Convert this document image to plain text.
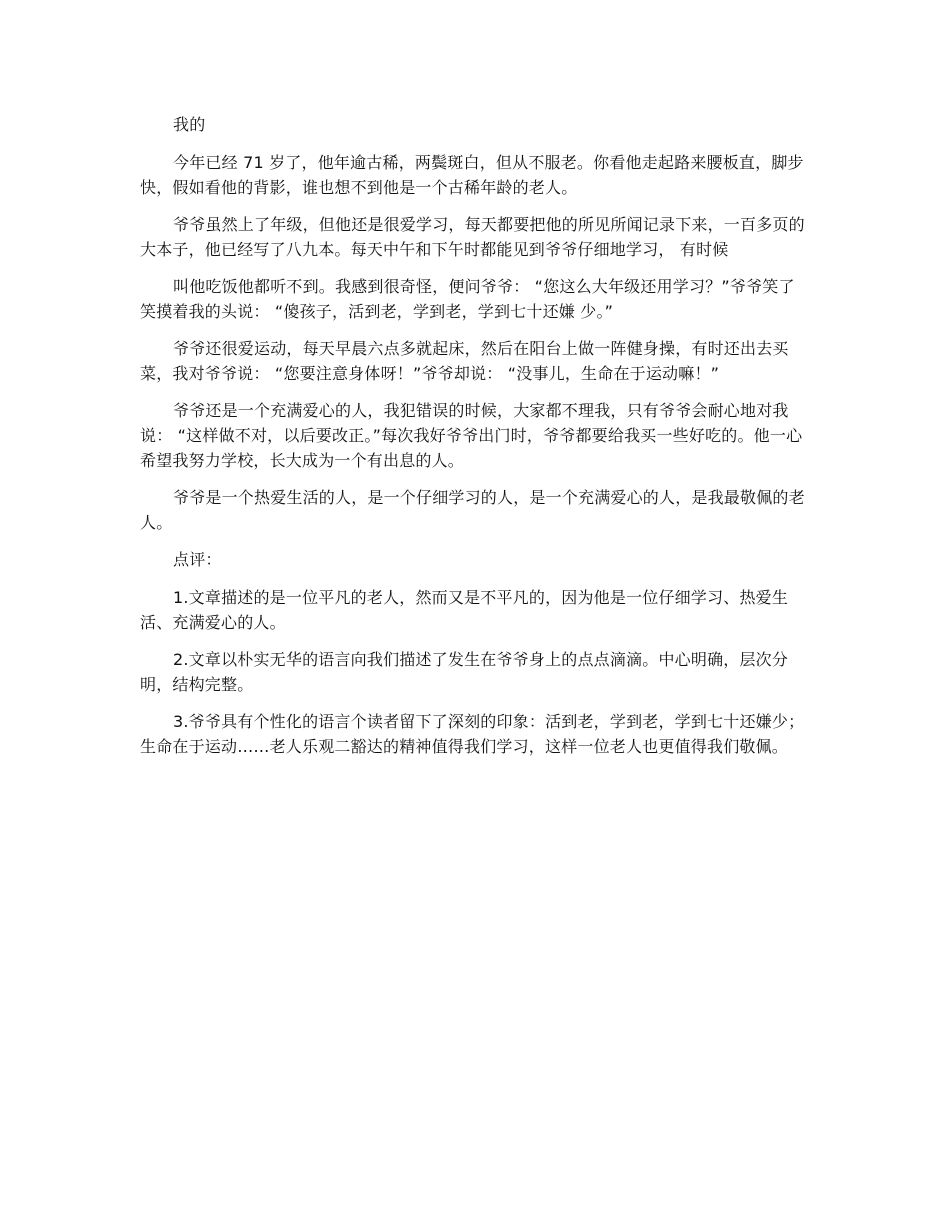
我的

今年已经 71 岁了，他年逾古稀，两鬓斑白，但从不服老。你看他走起路来腰板直，脚步快，假如看他的背影，谁也想不到他是一个古稀年龄的老人。

爷爷虽然上了年级，但他还是很爱学习，每天都要把他的所见所闻记录下来，一百多页的大本子，他已经写了八九本。每天中午和下午时都能见到爷爷仔细地学习， 有时候

叫他吃饭他都听不到。我感到很奇怪，便问爷爷： “您这么大年级还用学习？”爷爷笑了笑摸着我的头说： “傻孩子，活到老，学到老，学到七十还嫌 少。”

爷爷还很爱运动，每天早晨六点多就起床，然后在阳台上做一阵健身操，有时还出去买菜，我对爷爷说： “您要注意身体呀！”爷爷却说： “没事儿，生命在于运动嘛！”

爷爷还是一个充满爱心的人，我犯错误的时候，大家都不理我，只有爷爷会耐心地对我说： “这样做不对，以后要改正。”每次我好爷爷出门时，爷爷都要给我买一些好吃的。他一心希望我努力学校，长大成为一个有出息的人。

爷爷是一个热爱生活的人，是一个仔细学习的人，是一个充满爱心的人，是我最敬佩的老人。

点评：

1.文章描述的是一位平凡的老人，然而又是不平凡的，因为他是一位仔细学习、热爱生活、充满爱心的人。

2.文章以朴实无华的语言向我们描述了发生在爷爷身上的点点滴滴。中心明确，层次分明，结构完整。

3.爷爷具有个性化的语言个读者留下了深刻的印象：活到老，学到老，学到七十还嫌少；生命在于运动……老人乐观二豁达的精神值得我们学习，这样一位老人也更值得我们敬佩。
